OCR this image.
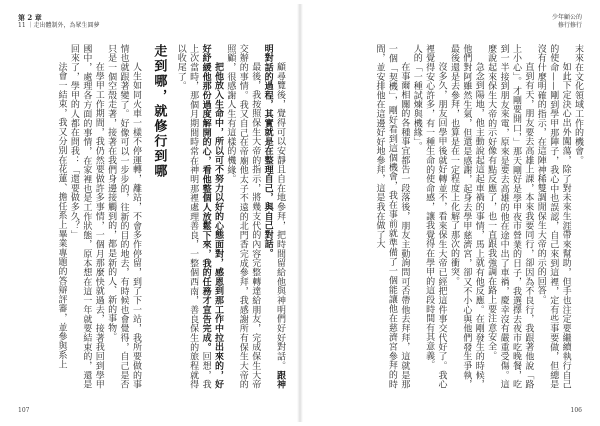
第 2 章
11 ｜走出體制外，為眾生圓夢

顧尋覽後，覺得可以安靜且自在地參拜，把時間留給他與神明們好好對話。跟神明對話的過程，其實就是在整理自己，與自己對話。

最後，我按照保生大帝的指示，將幾支代的內容完整轉達給朋友，完成保生大帝交辦的事情。我又自己在帝廟他太子不遠的北門香完成參拜，我感謝所有保生大帝的照顧，很感謝人生有這樣的機緣。

把他放入生命中，所以可不努力以好的心態面對，感恩到那工作中拉出來的，好好紓緩他那份過度解開的心，看他整個人放鬆下來，我的任務才宣告完成。回想，我上次當時，那個月期間時常在神明那裡處理善良，一整個西南，善良保生的旅程就得以收尾了。

走到哪，就修行到哪

人生如同火車一樣不停運轉，離站，不會多作停留，到了下一站，我所要做的事情也就跟著變了。好像可以一步步的，往新的目的地去，有時候也會覺得，自己是否只是一個空殼走著，接著在我們身邊接觸到的，都是新的人、新的事物。

在學甲工作期間，我仍然要做許多事情，一個月那麼快就過去，接著我回到學甲國中，處理各方面的事情，在家裡也是工作狀態，原本想在這一年就要結束的，還是回來了，學甲的人都在問我：「還要做多久？」

法會一結束，我又分別在花蓮、擔任系上畢業專題的答辯評審，並參與系上

107
少年顧公的
修行修行

末來在文化領域工作的機會。

如此下定決心出外闖蕩，除了對未來生涯帶來幫助，但手也注定要繼續執行自己的使命——剛到學甲那陣子，我心中也誤認，自己來到這裡，定有些事要做，但總是沒有什麼明確的指示，在這陣神稀雙調閒保生大帝的示的回答。

直到有天，朋友要去高雄上課，本來我要同行，卻因為不良行，我跟著他說「路上小心」。才剛要開口，」那天剛好是學甲夜市營業的日子，我選擇去夜市吃晚餐，吃到一半接到朋友來電，原來是要去高雄的他在途中出了車禍，慶幸沒有嚴重受傷。這麼說起來保生大帝的示好像有點反應了，也一直跟我強調在路上要注意安全。

急念到陽地，他主動說起這起車禍的事情，馬上就有他反應。在剛發生的時候，他們對阿雖然生氣，但還是感謝，起身去學甲慈濟宮，卻又不小心與他們發生爭執，最後還是去參拜，也算是在一定程度上化解了那次的衝突。

沒多久，朋友回學甲後就好轉並不，看來保生大帝已經把這件事交代好了。我心裡覺得安心許多，有一種生命的使命感，讓我覺得在學甲的這段時間有其意義。

人的「一種試煉與機緣」。

在事爾相關的各種事宜都告一段落後，朋友主動詢問可否帶他去拜拜，這就是那一個「契機」，剛好看到這個機會，我在事前就準備了一個能讓他在慈濟宮參拜的時間，並安排他在這邊好好地參拜，這是我在做了大

106
